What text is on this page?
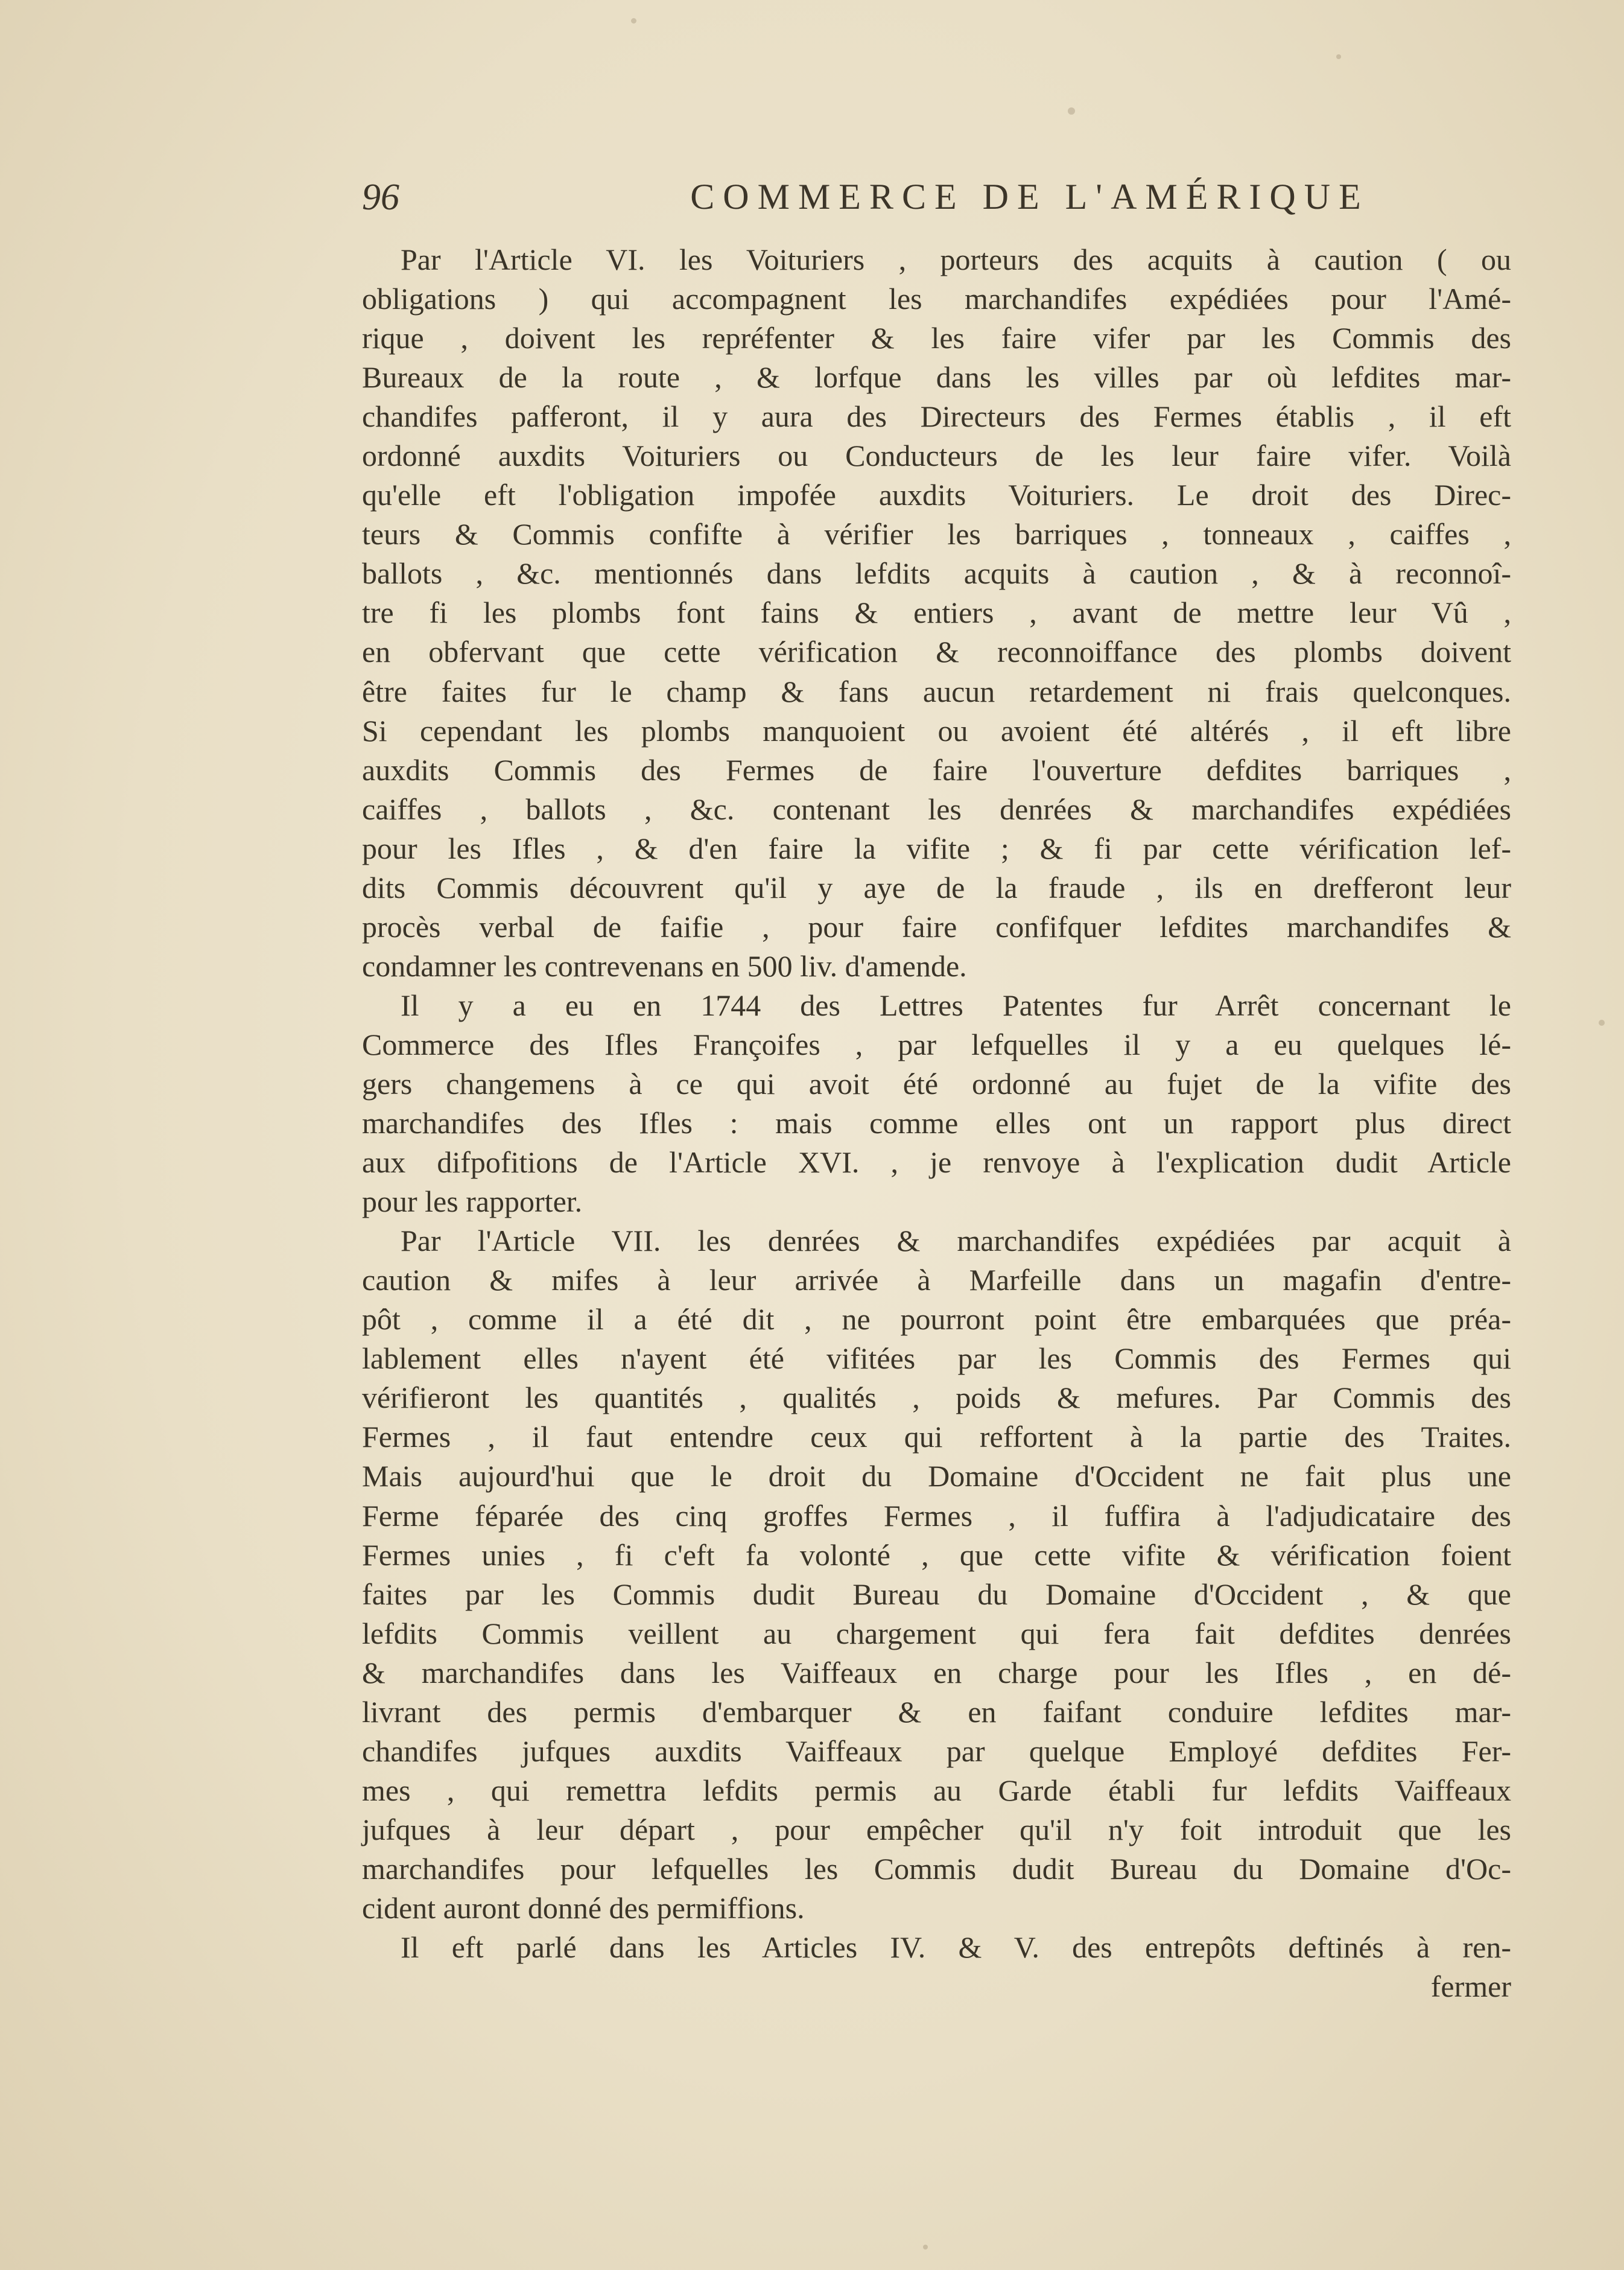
96	COMMERCE DE L'AMÉRIQUE
Par l'Article VI. les Voituriers , porteurs des acquits à caution ( ou
obligations ) qui accompagnent les marchandifes expédiées pour l'Amé-
rique , doivent les repréfenter & les faire vifer par les Commis des
Bureaux de la route , & lorfque dans les villes par où lefdites mar-
chandifes pafferont, il y aura des Directeurs des Fermes établis , il eft
ordonné auxdits Voituriers ou Conducteurs de les leur faire vifer. Voilà
qu'elle eft l'obligation impofée auxdits Voituriers. Le droit des Direc-
teurs & Commis confifte à vérifier les barriques , tonneaux , caiffes ,
ballots , &c. mentionnés dans lefdits acquits à caution , & à reconnoî-
tre fi les plombs font fains & entiers , avant de mettre leur Vû ,
en obfervant que cette vérification & reconnoiffance des plombs doivent
être faites fur le champ & fans aucun retardement ni frais quelconques.
Si cependant les plombs manquoient ou avoient été altérés , il eft libre
auxdits Commis des Fermes de faire l'ouverture defdites barriques ,
caiffes , ballots , &c. contenant les denrées & marchandifes expédiées
pour les Ifles , & d'en faire la vifite ; & fi par cette vérification lef-
dits Commis découvrent qu'il y aye de la fraude , ils en drefferont leur
procès verbal de faifie , pour faire confifquer lefdites marchandifes &
condamner les contrevenans en 500 liv. d'amende.
Il y a eu en 1744 des Lettres Patentes fur Arrêt concernant le
Commerce des Ifles Françoifes , par lefquelles il y a eu quelques lé-
gers changemens à ce qui avoit été ordonné au fujet de la vifite des
marchandifes des Ifles : mais comme elles ont un rapport plus direct
aux difpofitions de l'Article XVI. , je renvoye à l'explication dudit Article
pour les rapporter.
Par l'Article VII. les denrées & marchandifes expédiées par acquit à
caution & mifes à leur arrivée à Marfeille dans un magafin d'entre-
pôt , comme il a été dit , ne pourront point être embarquées que préa-
lablement elles n'ayent été vifitées par les Commis des Fermes qui
vérifieront les quantités , qualités , poids & mefures. Par Commis des
Fermes , il faut entendre ceux qui reffortent à la partie des Traites.
Mais aujourd'hui que le droit du Domaine d'Occident ne fait plus une
Ferme féparée des cinq groffes Fermes , il fuffira à l'adjudicataire des
Fermes unies , fi c'eft fa volonté , que cette vifite & vérification foient
faites par les Commis dudit Bureau du Domaine d'Occident , & que
lefdits Commis veillent au chargement qui fera fait defdites denrées
& marchandifes dans les Vaiffeaux en charge pour les Ifles , en dé-
livrant des permis d'embarquer & en faifant conduire lefdites mar-
chandifes jufques auxdits Vaiffeaux par quelque Employé defdites Fer-
mes , qui remettra lefdits permis au Garde établi fur lefdits Vaiffeaux
jufques à leur départ , pour empêcher qu'il n'y foit introduit que les
marchandifes pour lefquelles les Commis dudit Bureau du Domaine d'Oc-
cident auront donné des permiffions.
Il eft parlé dans les Articles IV. & V. des entrepôts deftinés à ren-
fermer
